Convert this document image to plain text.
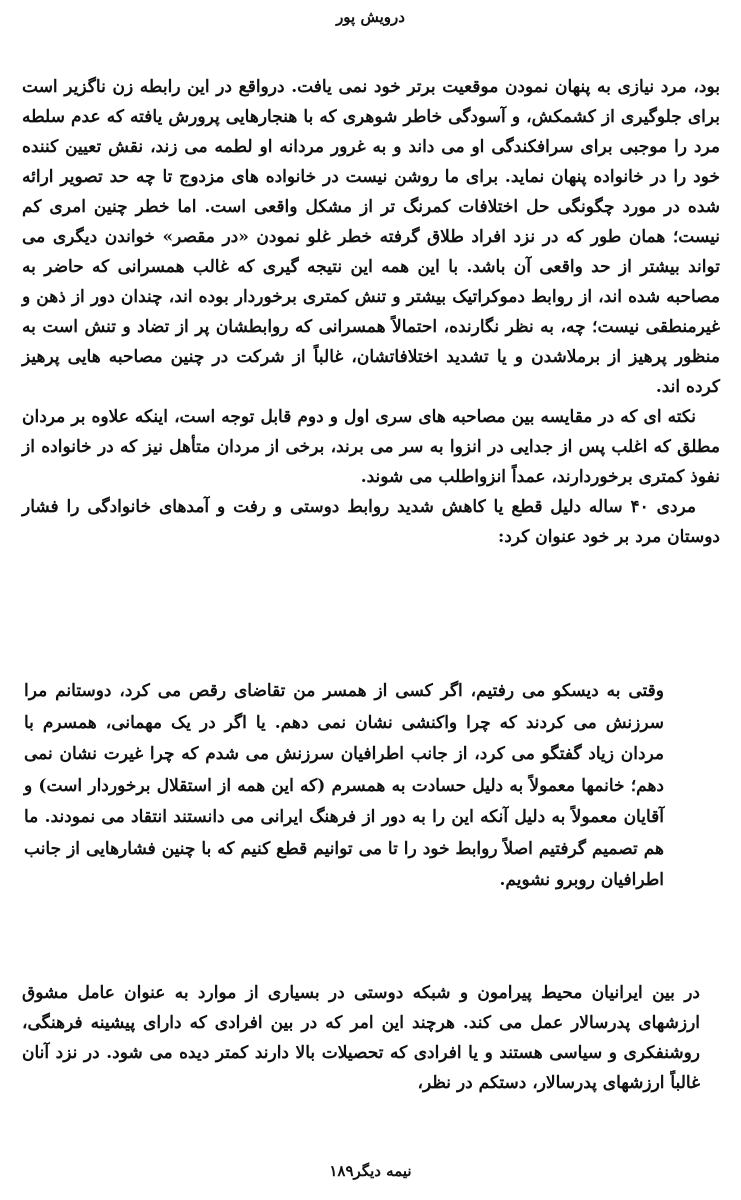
درویش پور
بود، مرد نیازی به پنهان نمودن موقعیت برتر خود نمی یافت. درواقع در این رابطه زن ناگزیر است برای جلوگیری از کشمکش، و آسودگی خاطر شوهری که با هنجارهایی پرورش یافته که عدم سلطه مرد را موجبی برای سرافکندگی او می داند و به غرور مردانه او لطمه می زند، نقش تعیین کننده خود را در خانواده پنهان نماید. برای ما روشن نیست در خانواده های مزدوج تا چه حد تصویر ارائه شده در مورد چگونگی حل اختلافات کمرنگ تر از مشکل واقعی است. اما خطر چنین امری کم نیست؛ همان طور که در نزد افراد طلاق گرفته خطر غلو نمودن «در مقصر» خواندن دیگری می تواند بیشتر از حد واقعی آن باشد. با این همه این نتیجه گیری که غالب همسرانی که حاضر به مصاحبه شده اند، از روابط دموکراتیک بیشتر و تنش کمتری برخوردار بوده اند، چندان دور از ذهن و غیرمنطقی نیست؛ چه، به نظر نگارنده، احتمالاً همسرانی که روابطشان پر از تضاد و تنش است به منظور پرهیز از برملاشدن و یا تشدید اختلافاتشان، غالباً از شرکت در چنین مصاحبه هایی پرهیز کرده اند.
نکته ای که در مقایسه بین مصاحبه های سری اول و دوم قابل توجه است، اینکه علاوه بر مردان مطلق که اغلب پس از جدایی در انزوا به سر می برند، برخی از مردان متأهل نیز که در خانواده از نفوذ کمتری برخوردارند، عمداً انزواطلب می شوند.
مردی ۴۰ ساله دلیل قطع یا کاهش شدید روابط دوستی و رفت و آمدهای خانوادگی را فشار دوستان مرد بر خود عنوان کرد:

وقتی به دیسکو می رفتیم، اگر کسی از همسر من تقاضای رقص می کرد، دوستانم مرا سرزنش می کردند که چرا واکنشی نشان نمی دهم. یا اگر در یک مهمانی، همسرم با مردان زیاد گفتگو می کرد، از جانب اطرافیان سرزنش می شدم که چرا غیرت نشان نمی دهم؛ خانمها معمولاً به دلیل حسادت به همسرم (که این همه از استقلال برخوردار است) و آقایان معمولاً به دلیل آنکه این را به دور از فرهنگ ایرانی می دانستند انتقاد می نمودند. ما هم تصمیم گرفتیم اصلاً روابط خود را تا می توانیم قطع کنیم که با چنین فشارهایی از جانب اطرافیان روبرو نشویم.

در بین ایرانیان محیط پیرامون و شبکه دوستی در بسیاری از موارد به عنوان عامل مشوق ارزشهای پدرسالار عمل می کند. هرچند این امر که در بین افرادی که دارای پیشینه فرهنگی، روشنفکری و سیاسی هستند و یا افرادی که تحصیلات بالا دارند کمتر دیده می شود. در نزد آنان غالباً ارزشهای پدرسالار، دستکم در نظر،

نیمه دیگر۱۸۹
